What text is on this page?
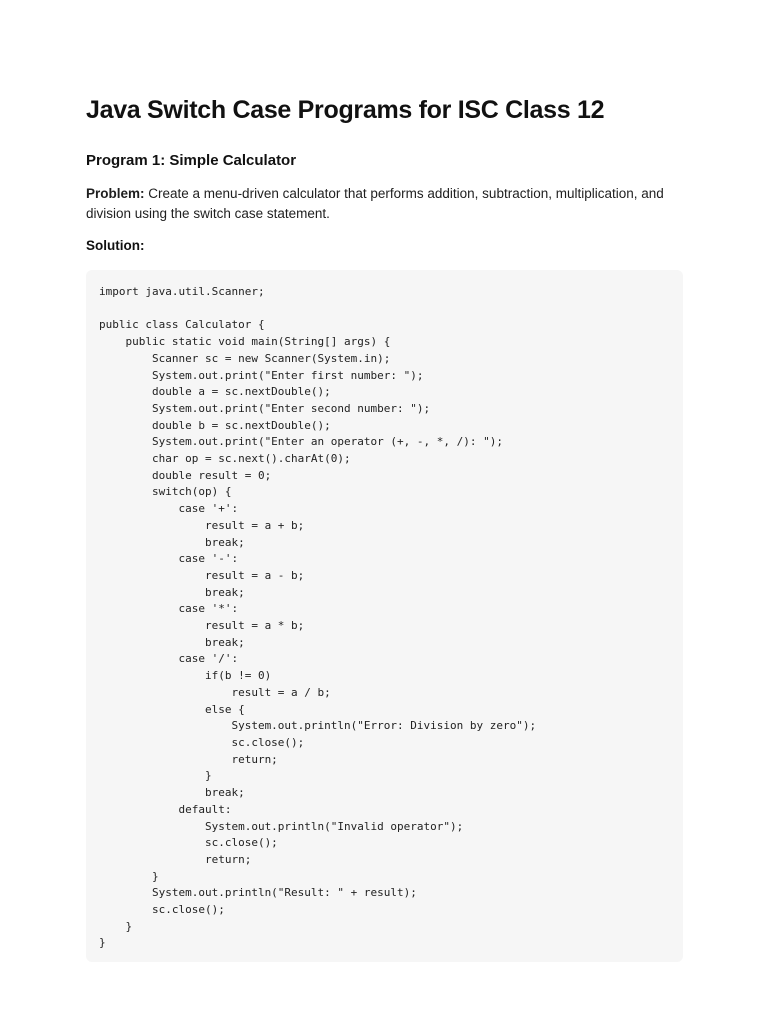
Java Switch Case Programs for ISC Class 12
Program 1: Simple Calculator

Problem: Create a menu-driven calculator that performs addition, subtraction, multiplication, and division using the switch case statement.

Solution:

import java.util.Scanner;

public class Calculator {
public static void main(String[] args) {
Scanner sc = new Scanner(System.in);
System.out.print("Enter first number: ");
double a = sc.nextDouble();
System.out.print("Enter second number: ");
double b = sc.nextDouble();
System.out.print("Enter an operator (+, -, *, /): ");
char op = sc.next().charAt(0);
double result = 0;
switch(op) {
case '+':
result = a + b;
break;
case '-':
result = a - b;
break;
case '*':
result = a * b;
break;
case '/':
if(b != 0)
result = a / b;
else {
System.out.println("Error: Division by zero");
sc.close();
return;
}
break;
default:
System.out.println("Invalid operator");
sc.close();
return;
}
System.out.println("Result: " + result);
sc.close();
}
}
